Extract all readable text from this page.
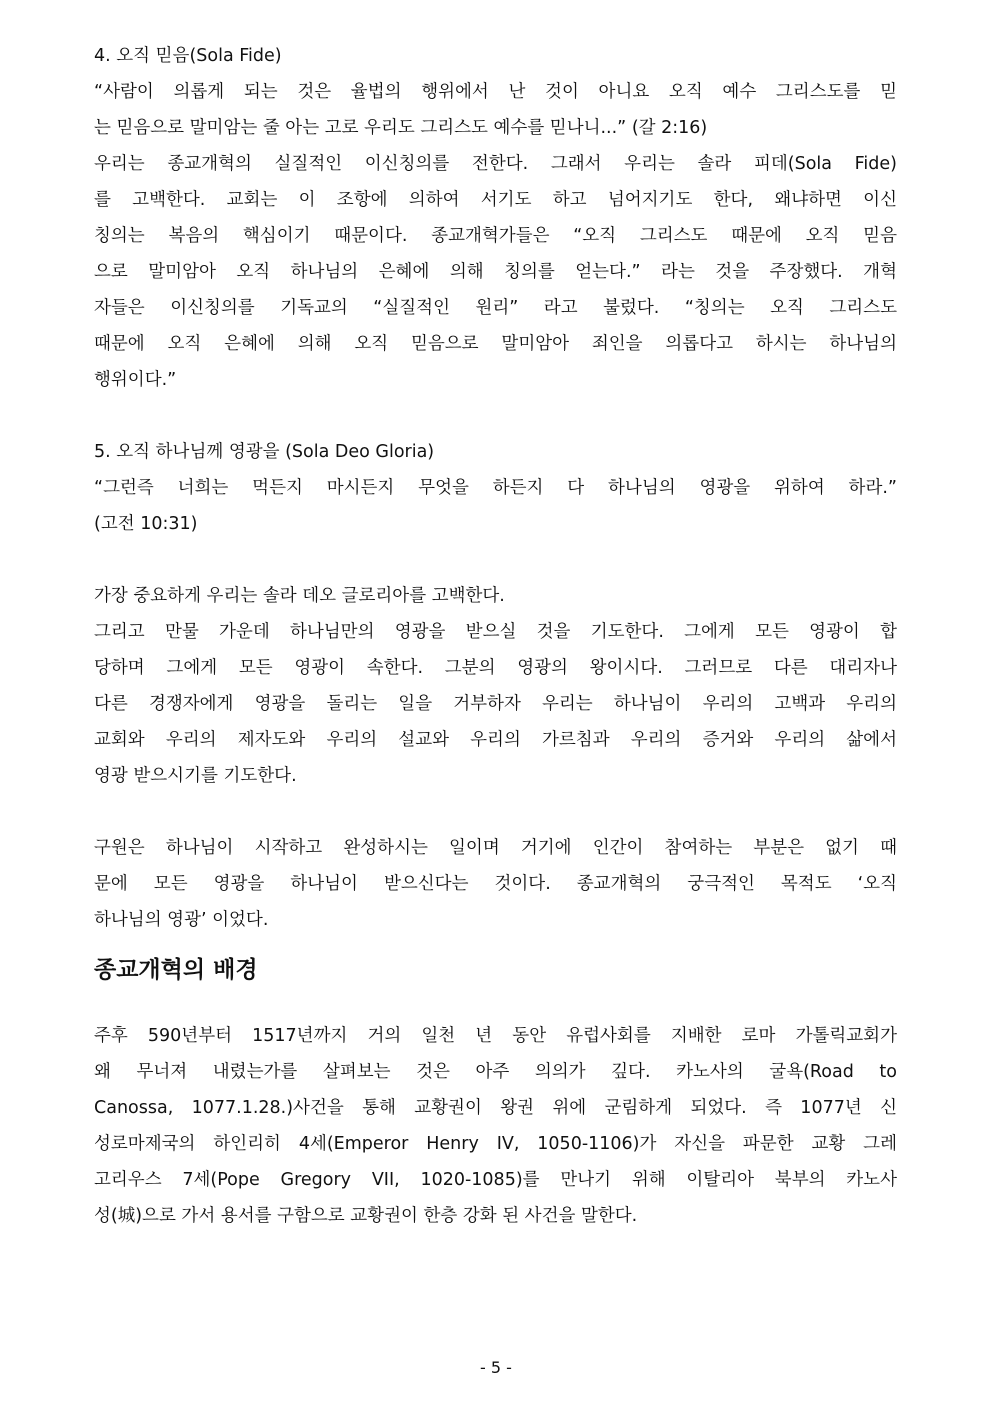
4. 오직 믿음(Sola Fide)
“사람이 의롭게 되는 것은 율법의 행위에서 난 것이 아니요 오직 예수 그리스도를 믿
는 믿음으로 말미암는 줄 아는 고로 우리도 그리스도 예수를 믿나니...” (갈 2:16)
우리는 종교개혁의 실질적인 이신칭의를 전한다. 그래서 우리는 솔라 피데(Sola Fide)
를 고백한다. 교회는 이 조항에 의하여 서기도 하고 넘어지기도 한다, 왜냐하면 이신
칭의는 복음의 핵심이기 때문이다. 종교개혁가들은 “오직 그리스도 때문에 오직 믿음
으로 말미암아 오직 하나님의 은혜에 의해 칭의를 얻는다.” 라는 것을 주장했다. 개혁
자들은 이신칭의를 기독교의 “실질적인 원리” 라고 불렀다. “칭의는 오직 그리스도
때문에 오직 은혜에 의해 오직 믿음으로 말미암아 죄인을 의롭다고 하시는 하나님의
행위이다.”
5. 오직 하나님께 영광을 (Sola Deo Gloria)
“그런즉 너희는 먹든지 마시든지 무엇을 하든지 다 하나님의 영광을 위하여 하라.”
(고전 10:31)
가장 중요하게 우리는 솔라 데오 글로리아를 고백한다.
그리고 만물 가운데 하나님만의 영광을 받으실 것을 기도한다. 그에게 모든 영광이 합
당하며 그에게 모든 영광이 속한다. 그분의 영광의 왕이시다. 그러므로 다른 대리자나
다른 경쟁자에게 영광을 돌리는 일을 거부하자 우리는 하나님이 우리의 고백과 우리의
교회와 우리의 제자도와 우리의 설교와 우리의 가르침과 우리의 증거와 우리의 삶에서
영광 받으시기를 기도한다.
구원은 하나님이 시작하고 완성하시는 일이며 거기에 인간이 참여하는 부분은 없기 때
문에 모든 영광을 하나님이 받으신다는 것이다. 종교개혁의 궁극적인 목적도 ‘오직
하나님의 영광’ 이었다.
종교개혁의 배경
주후 590년부터 1517년까지 거의 일천 년 동안 유럽사회를 지배한 로마 가톨릭교회가
왜 무너져 내렸는가를 살펴보는 것은 아주 의의가 깊다. 카노사의 굴욕(Road to
Canossa, 1077.1.28.)사건을 통해 교황권이 왕권 위에 군림하게 되었다. 즉 1077년 신
성로마제국의 하인리히 4세(Emperor Henry IV, 1050-1106)가 자신을 파문한 교황 그레
고리우스 7세(Pope Gregory VII, 1020-1085)를 만나기 위해 이탈리아 북부의 카노사
성(城)으로 가서 용서를 구함으로 교황권이 한층 강화 된 사건을 말한다.
- 5 -
